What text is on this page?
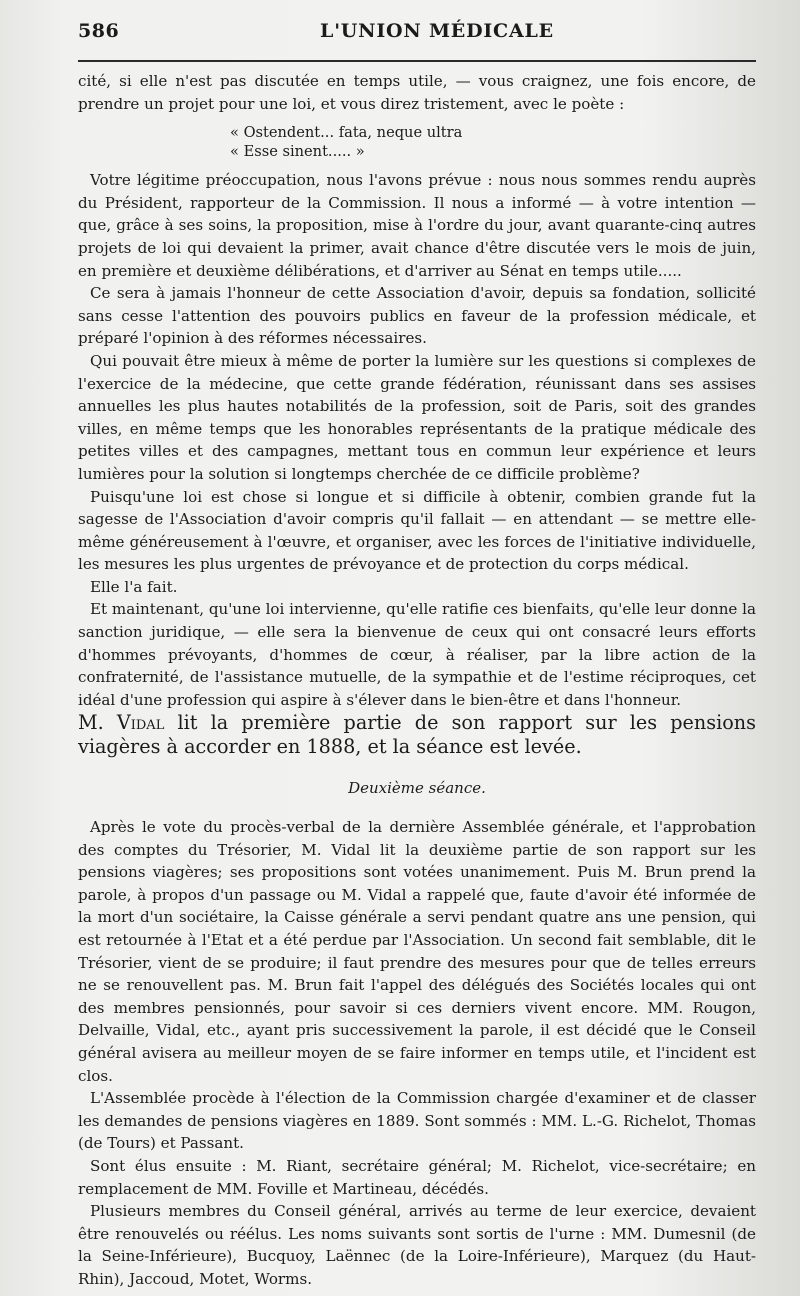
586	L'UNION MÉDICALE

cité, si elle n'est pas discutée en temps utile, — vous craignez, une fois encore, de prendre un projet pour une loi, et vous direz tristement, avec le poète :

« Ostendent... fata, neque ultra
« Esse sinent..... »

Votre légitime préoccupation, nous l'avons prévue : nous nous sommes rendu auprès du Président, rapporteur de la Commission. Il nous a informé — à votre intention — que, grâce à ses soins, la proposition, mise à l'ordre du jour, avant quarante-cinq autres projets de loi qui devaient la primer, avait chance d'être discutée vers le mois de juin, en première et deuxième délibérations, et d'arriver au Sénat en temps utile.....

Ce sera à jamais l'honneur de cette Association d'avoir, depuis sa fondation, sollicité sans cesse l'attention des pouvoirs publics en faveur de la profession médicale, et préparé l'opinion à des réformes nécessaires.

Qui pouvait être mieux à même de porter la lumière sur les questions si complexes de l'exercice de la médecine, que cette grande fédération, réunissant dans ses assises annuelles les plus hautes notabilités de la profession, soit de Paris, soit des grandes villes, en même temps que les honorables représentants de la pratique médicale des petites villes et des campagnes, mettant tous en commun leur expérience et leurs lumières pour la solution si longtemps cherchée de ce difficile problème?

Puisqu'une loi est chose si longue et si difficile à obtenir, combien grande fut la sagesse de l'Association d'avoir compris qu'il fallait — en attendant — se mettre elle-même généreusement à l'œuvre, et organiser, avec les forces de l'initiative individuelle, les mesures les plus urgentes de prévoyance et de protection du corps médical.

Elle l'a fait.

Et maintenant, qu'une loi intervienne, qu'elle ratifie ces bienfaits, qu'elle leur donne la sanction juridique, — elle sera la bienvenue de ceux qui ont consacré leurs efforts d'hommes prévoyants, d'hommes de cœur, à réaliser, par la libre action de la confraternité, de l'assistance mutuelle, de la sympathie et de l'estime réciproques, cet idéal d'une profession qui aspire à s'élever dans le bien-être et dans l'honneur.

M. Vidal lit la première partie de son rapport sur les pensions viagères à accorder en 1888, et la séance est levée.

Deuxième séance.

Après le vote du procès-verbal de la dernière Assemblée générale, et l'approbation des comptes du Trésorier, M. Vidal lit la deuxième partie de son rapport sur les pensions viagères; ses propositions sont votées unanimement. Puis M. Brun prend la parole, à propos d'un passage ou M. Vidal a rappelé que, faute d'avoir été informée de la mort d'un sociétaire, la Caisse générale a servi pendant quatre ans une pension, qui est retournée à l'Etat et a été perdue par l'Association. Un second fait semblable, dit le Trésorier, vient de se produire; il faut prendre des mesures pour que de telles erreurs ne se renouvellent pas. M. Brun fait l'appel des délégués des Sociétés locales qui ont des membres pensionnés, pour savoir si ces derniers vivent encore. MM. Rougon, Delvaille, Vidal, etc., ayant pris successivement la parole, il est décidé que le Conseil général avisera au meilleur moyen de se faire informer en temps utile, et l'incident est clos.

L'Assemblée procède à l'élection de la Commission chargée d'examiner et de classer les demandes de pensions viagères en 1889. Sont sommés : MM. L.-G. Richelot, Thomas (de Tours) et Passant.

Sont élus ensuite : M. Riant, secrétaire général; M. Richelot, vice-secrétaire; en remplacement de MM. Foville et Martineau, décédés.

Plusieurs membres du Conseil général, arrivés au terme de leur exercice, devaient être renouvelés ou réélus. Les noms suivants sont sortis de l'urne : MM. Dumesnil (de la Seine-Inférieure), Bucquoy, Laënnec (de la Loire-Inférieure), Marquez (du Haut-Rhin), Jaccoud, Motet, Worms.
